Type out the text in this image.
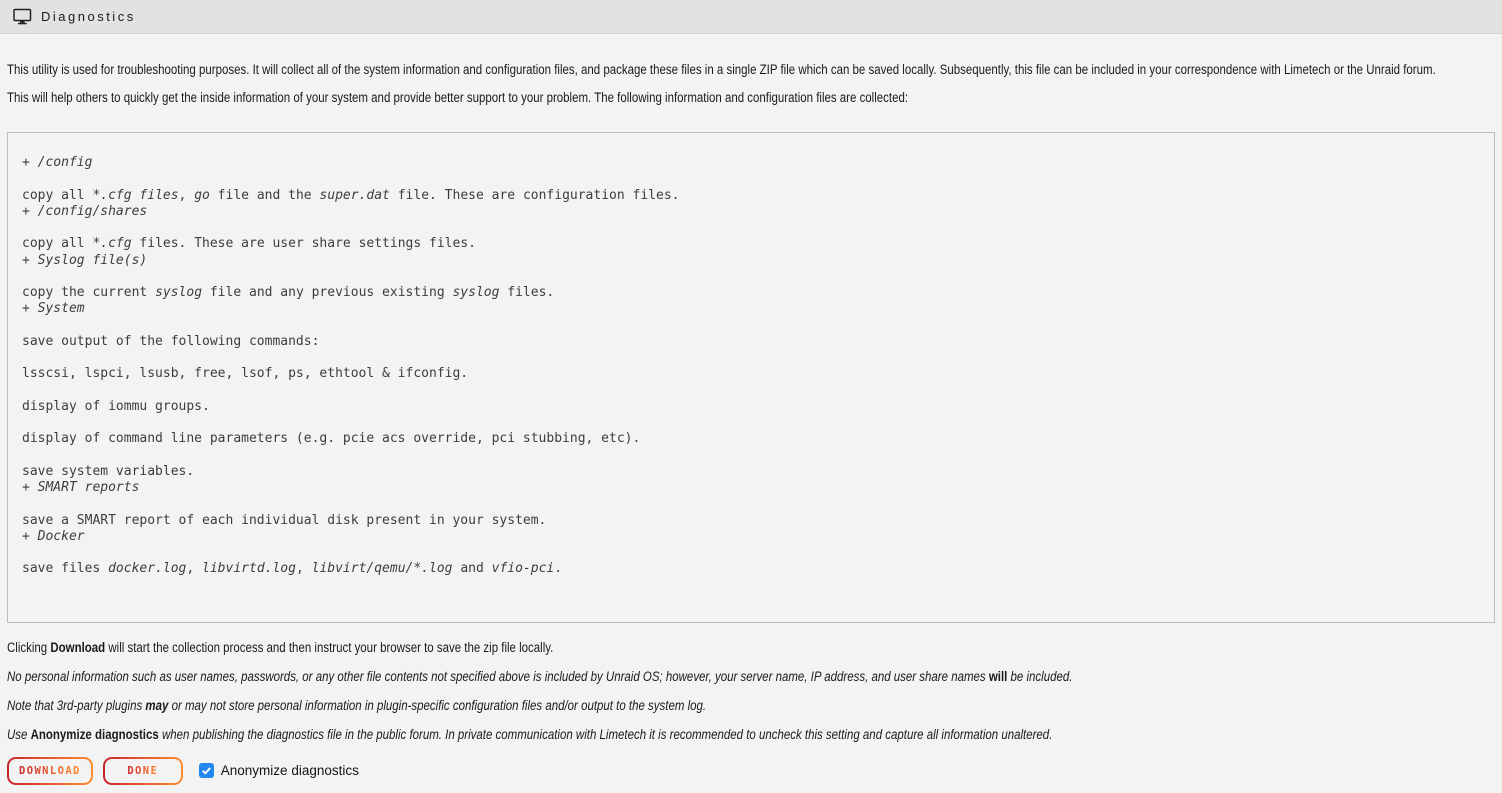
Diagnostics

This utility is used for troubleshooting purposes. It will collect all of the system information and configuration files, and package these files in a single ZIP file which can be saved locally. Subsequently, this file can be included in your correspondence with Limetech or the Unraid forum.

This will help others to quickly get the inside information of your system and provide better support to your problem. The following information and configuration files are collected:

+ /config

copy all *.cfg files, go file and the super.dat file. These are configuration files.
+ /config/shares

copy all *.cfg files. These are user share settings files.
+ Syslog file(s)

copy the current syslog file and any previous existing syslog files.
+ System

save output of the following commands:

lsscsi, lspci, lsusb, free, lsof, ps, ethtool & ifconfig.

display of iommu groups.

display of command line parameters (e.g. pcie acs override, pci stubbing, etc).

save system variables.
+ SMART reports

save a SMART report of each individual disk present in your system.
+ Docker

save files docker.log, libvirtd.log, libvirt/qemu/*.log and vfio-pci.

Clicking Download will start the collection process and then instruct your browser to save the zip file locally.

No personal information such as user names, passwords, or any other file contents not specified above is included by Unraid OS; however, your server name, IP address, and user share names will be included.

Note that 3rd-party plugins may or may not store personal information in plugin-specific configuration files and/or output to the system log.

Use Anonymize diagnostics when publishing the diagnostics file in the public forum. In private communication with Limetech it is recommended to uncheck this setting and capture all information unaltered.

DOWNLOAD	DONE	Anonymize diagnostics
